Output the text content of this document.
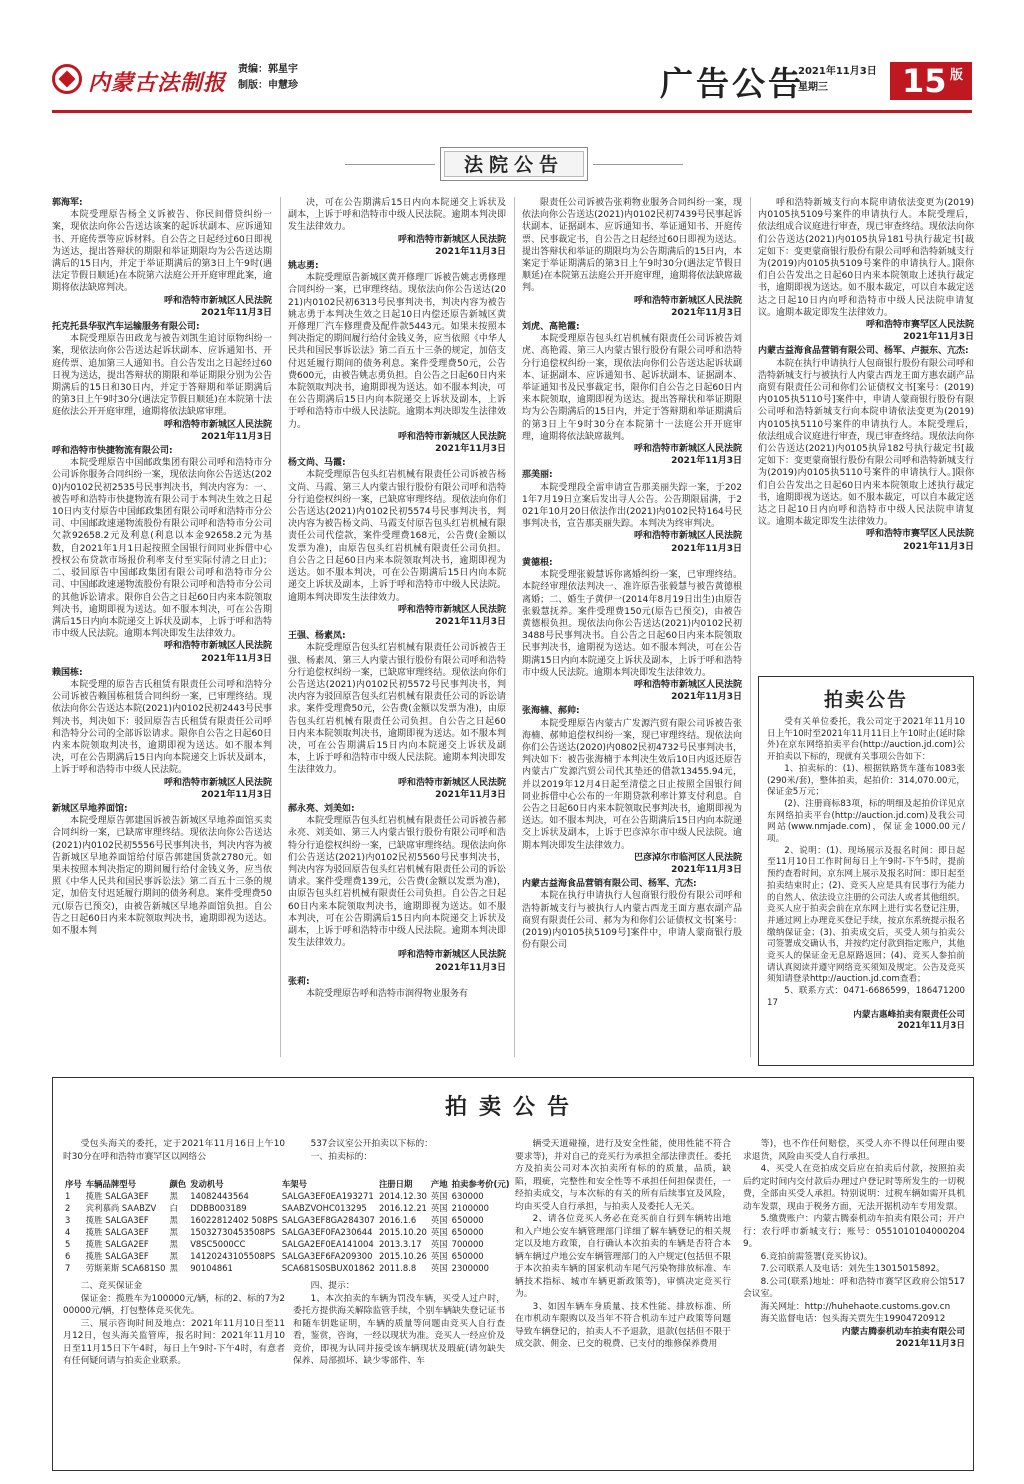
内蒙古法制报
责编：郭星宇
制版：申慧珍	广告公告
2021年11月3日
星期三	15 版
法院公告

郭海军:

本院受理原告杨全义诉被告、你民间借贷纠纷一案，现依法向你公告送达该案的起诉状副本、应诉通知书、开庭传票等应诉材料。自公告之日起经过60日即视为送达，提出答辩状的期限和举证期限均为公告送达期满后的15日内，并定于举证期满后的第3日上午9时(遇法定节假日顺延)在本院第六法庭公开开庭审理此案，逾期将依法缺席判决。

呼和浩特市新城区人民法院

2021年11月3日

托克托县华驭汽车运输服务有限公司:

本院受理原告田政龙与被告刘凯生追讨原物纠纷一案，现依法向你公告送达起诉状副本、应诉通知书、开庭传票、追加第三人通知书。自公告发出之日起经过60日视为送达，提出答辩状的期限和举证期限分别为公告期满后的15日和30日内，并定于答辩期和举证期满后的第3日上午9时30分(遇法定节假日顺延)在本院第十法庭依法公开开庭审理，逾期将依法缺席审理。

呼和浩特市新城区人民法院

2021年11月3日

呼和浩特市快捷物流有限公司:

本院受理原告中国邮政集团有限公司呼和浩特市分公司诉你服务合同纠纷一案，现依法向你公告送达(2020)内0102民初2535号民事判决书，判决内容为：一、被告呼和浩特市快捷物流有限公司于本判决生效之日起10日内支付原告中国邮政集团有限公司呼和浩特市分公司、中国邮政速递物流股份有限公司呼和浩特市分公司欠款92658.2元及利息(利息以本金92658.2元为基数，自2021年1月1日起按照全国银行间同业拆借中心授权公布贷款市场报价利率支付至实际付清之日止)；二、驳回原告中国邮政集团有限公司呼和浩特市分公司、中国邮政速递物流股份有限公司呼和浩特市分公司的其他诉讼请求。限你自公告之日起60日内来本院领取判决书，逾期即视为送达。如不服本判决，可在公告期满后15日内向本院递交上诉状及副本，上诉于呼和浩特市中级人民法院。逾期本判决即发生法律效力。

呼和浩特市新城区人民法院

2021年11月3日

赖国栋:

本院受理的原告吉氏租赁有限责任公司呼和浩特分公司诉被告赖国栋租赁合同纠纷一案，已审理终结。现依法向你公告送达本院(2021)内0102民初2443号民事判决书，判决如下：驳回原告吉氏租赁有限责任公司呼和浩特分公司的全部诉讼请求。限你自公告之日起60日内来本院领取判决书，逾期即视为送达。如不服本判决，可在公告期满后15日内向本院递交上诉状及副本，上诉于呼和浩特市中级人民法院。

呼和浩特市新城区人民法院

2021年11月3日

新城区早地养面馆:

本院受理原告郭建国诉被告新城区早地养面馆买卖合同纠纷一案，已缺席审理终结。现依法向你公告送达(2021)内0102民初5556号民事判决书，判决内容为被告新城区早地养面馆给付原告郭建国货款2780元。如果未按照本判决指定的期间履行给付金钱义务，应当依照《中华人民共和国民事诉讼法》第二百五十三条的规定，加倍支付迟延履行期间的债务利息。案件受理费50元(原告已预交)，由被告新城区早地养面馆负担。自公告之日起60日内来本院领取判决书，逾期即视为送达。如不服本判

决，可在公告期满后15日内向本院递交上诉状及副本，上诉于呼和浩特市中级人民法院。逾期本判决即发生法律效力。

呼和浩特市新城区人民法院

2021年11月3日

姚志勇:

本院受理原告新城区黄开修理厂诉被告姚志勇修理合同纠纷一案，已审理终结。现依法向你公告送达(2021)内0102民初6313号民事判决书，判决内容为被告姚志勇于本判决生效之日起10日内偿还原告新城区黄开修理厂汽车修理费及配件款5443元。如果未按照本判决指定的期间履行给付金钱义务，应当依照《中华人民共和国民事诉讼法》第二百五十三条的规定，加倍支付迟延履行期间的债务利息。案件受理费50元，公告费600元，由被告姚志勇负担。自公告之日起60日内来本院领取判决书，逾期即视为送达。如不服本判决，可在公告期满后15日内向本院递交上诉状及副本，上诉于呼和浩特市中级人民法院。逾期本判决即发生法律效力。

呼和浩特市新城区人民法院

2021年11月3日

杨文尚、马霞:

本院受理原告包头红岩机械有限责任公司诉被告杨文尚、马霞、第三人内蒙古银行股份有限公司呼和浩特分行追偿权纠纷一案，已缺席审理终结。现依法向你们公告送达(2021)内0102民初5574号民事判决书，判决内容为被告杨文尚、马霞支付原告包头红岩机械有限责任公司代偿款，案件受理费168元，公告费(金额以发票为准)，由原告包头红岩机械有限责任公司负担。自公告之日起60日内来本院领取判决书，逾期即视为送达。如不服本判决，可在公告期满后15日内向本院递交上诉状及副本，上诉于呼和浩特市中级人民法院。逾期本判决即发生法律效力。

呼和浩特市新城区人民法院

2021年11月3日

王强、杨素凤:

本院受理原告包头红岩机械有限责任公司诉被告王强、杨素凤、第三人内蒙古银行股份有限公司呼和浩特分行追偿权纠纷一案，已缺席审理终结。现依法向你们公告送达(2021)内0102民初5572号民事判决书，判决内容为驳回原告包头红岩机械有限责任公司的诉讼请求。案件受理费50元，公告费(金额以发票为准)，由原告包头红岩机械有限责任公司负担。自公告之日起60日内来本院领取判决书，逾期即视为送达。如不服本判决，可在公告期满后15日内向本院递交上诉状及副本，上诉于呼和浩特市中级人民法院。逾期本判决即发生法律效力。

呼和浩特市新城区人民法院

2021年11月3日

郝永亮、刘美如:

本院受理原告包头红岩机械有限责任公司诉被告郝永亮、刘美如、第三人内蒙古银行股份有限公司呼和浩特分行追偿权纠纷一案，已缺席审理终结。现依法向你们公告送达(2021)内0102民初5560号民事判决书，判决内容为驳回原告包头红岩机械有限责任公司的诉讼请求。案件受理费139元，公告费(金额以发票为准)，由原告包头红岩机械有限责任公司负担。自公告之日起60日内来本院领取判决书，逾期即视为送达。如不服本判决，可在公告期满后15日内向本院递交上诉状及副本，上诉于呼和浩特市中级人民法院。逾期本判决即发生法律效力。

呼和浩特市新城区人民法院

2021年11月3日

张莉:

本院受理原告呼和浩特市润得物业服务有

限责任公司诉被告张莉物业服务合同纠纷一案，现依法向你公告送达(2021)内0102民初7439号民事起诉状副本、证据副本、应诉通知书、举证通知书、开庭传票、民事裁定书，自公告之日起经过60日即视为送达。提出答辩状和举证的期限均为公告期满后的15日内，本案定于举证期满后的第3日上午9时30分(遇法定节假日顺延)在本院第五法庭公开开庭审理，逾期将依法缺席裁判。

呼和浩特市新城区人民法院

2021年11月3日

刘虎、高艳霞:

本院受理原告包头红岩机械有限责任公司诉被告刘虎、高艳霞、第三人内蒙古银行股份有限公司呼和浩特分行追偿权纠纷一案，现依法向你们公告送达起诉状副本、证据副本、应诉通知书、起诉状副本、证据副本、举证通知书及民事裁定书，限你们自公告之日起60日内来本院领取，逾期即视为送达。提出答辩状和举证期限均为公告期满后的15日内，并定于答辩期和举证期满后的第3日上午9时30分在本院第十一法庭公开开庭审理，逾期将依法缺席裁判。

呼和浩特市新城区人民法院

2021年11月3日

那美丽:

本院受理段全雷申请宣告那美丽失踪一案，于2021年7月19日立案后发出寻人公告。公告期限届满，于2021年10月20日依法作出(2021)内0102民特164号民事判决书，宣告那美丽失踪。本判决为终审判决。

呼和浩特市新城区人民法院

2021年11月3日

黄德根:

本院受理张毅慧诉你离婚纠纷一案，已审理终结。本院经审理依法判决一、准许原告张毅慧与被告黄德根离婚；二、婚生子黄伊一(2014年8月19日出生)由原告张毅慧抚养。案件受理费150元(原告已预交)，由被告黄德根负担。现依法向你公告送达(2021)内0102民初3488号民事判决书。自公告之日起60日内来本院领取民事判决书，逾期视为送达。如不服本判决，可在公告期满15日内向本院递交上诉状及副本，上诉于呼和浩特市中级人民法院。逾期本判决即发生法律效力。

呼和浩特市新城区人民法院

2021年11月3日

张海楠、郝帅:

本院受理原告内蒙古广发源汽贸有限公司诉被告张海楠、郝帅追偿权纠纷一案，现已审理终结。现依法向你们公告送达(2020)内0802民初4732号民事判决书，判决如下：被告张海楠于本判决生效后10日内返还原告内蒙古广发源汽贸公司代其垫还的借款13455.94元，并以2019年12月4日起至清偿之日止按照全国银行间同业拆借中心公布的一年期贷款利率计算支付利息。自公告之日起60日内来本院领取民事判决书，逾期即视为送达。如不服本判决，可在公告期满后15日内向本院递交上诉状及副本，上诉于巴彦淖尔市中级人民法院。逾期本判决即发生法律效力。

巴彦淖尔市临河区人民法院

2021年11月3日

内蒙古益海食品营销有限公司、杨军、亢杰:

本院在执行申请执行人包商银行股份有限公司呼和浩特新城支行与被执行人内蒙古西龙王面方惠农副产品商贸有限责任公司、郝为为和你们公证债权文书[案号：(2019)内0105执5109号]案件中，申请人蒙商银行股份有限公司

呼和浩特新城支行向本院申请依法变更为(2019)内0105执5109号案件的申请执行人。本院受理后，依法组成合议庭进行审查，现已审查终结。现依法向你们公告送达(2021)内0105执异181号执行裁定书[裁定如下：变更蒙商银行股份有限公司呼和浩特新城支行为(2019)内0105执5109号案件的申请执行人。]限你们自公告发出之日起60日内来本院领取上述执行裁定书，逾期即视为送达。如不服本裁定，可以自本裁定送达之日起10日内向呼和浩特市中级人民法院申请复议。逾期本裁定即发生法律效力。

呼和浩特市赛罕区人民法院

2021年11月3日

内蒙古益海食品营销有限公司、杨军、卢振东、亢杰:

本院在执行申请执行人包商银行股份有限公司呼和浩特新城支行与被执行人内蒙古西龙王面方惠农副产品商贸有限责任公司和你们公证债权文书[案号：(2019)内0105执5110号]案件中，申请人蒙商银行股份有限公司呼和浩特新城支行向本院申请依法变更为(2019)内0105执5110号案件的申请执行人。本院受理后，依法组成合议庭进行审查，现已审查终结。现依法向你们公告送达(2021)内0105执异182号执行裁定书[裁定如下：变更蒙商银行股份有限公司呼和浩特新城支行为(2019)内0105执5110号案件的申请执行人。]限你们自公告发出之日起60日内来本院领取上述执行裁定书，逾期即视为送达。如不服本裁定，可以自本裁定送达之日起10日内向呼和浩特市中级人民法院申请复议。逾期本裁定即发生法律效力。

呼和浩特市赛罕区人民法院

2021年11月3日

拍卖公告

受有关单位委托，我公司定于2021年11月10日上午10时至2021年11月11日上午10时止(延时除外)在京东网络拍卖平台(http://auction.jd.com)公开拍卖以下标的，现就有关事项公告如下：

1、拍卖标的：(1)、根据铁路货车蓬布1083张(290米/套)，整体拍卖，起拍价：314,070.00元，保证金5万元；

(2)、注册商标83项，标的明细及起拍价详见京东网络拍卖平台(http://auction.jd.com)及我公司网站(www.nmjade.com)，保证金1000.00元/项。

2、说明：(1)、现场展示及报名时间：即日起至11月10日工作时间每日上午9时-下午5时，提前预约查看时间，京东网上展示及报名时间：即日起至拍卖结束时止；(2)、竞买人应是具有民事行为能力的自然人、依法设立注册的公司法人或者其他组织。竞买人应于拍卖会前在京东网上进行实名登记注册，并通过网上办理竞买登记手续，按京东系统提示报名缴纳保证金；(3)、拍卖成交后，买受人须与拍卖公司签署成交确认书，并按约定付款到指定账户，其他竞买人的保证金无息原路返回；(4)、竞买人参拍前请认真阅读并遵守网络竞买须知及规定。公告及竞买须知请登录http://auction.jd.com查看；

5、联系方式：0471-6686599，18647120017

内蒙古惠峰拍卖有限责任公司

2021年11月3日

拍卖公告

受包头海关的委托，定于2021年11月16日上午10时30分在呼和浩特市赛罕区以网络公

序号	车辆品牌型号	颜色	发动机号	车架号	注册日期	产地	拍卖参考价(元)
1	揽胜 SALGA3EF	黑	14082443564	SALGA3EF0EA193271	2014.12.30	英国	630000
2	宾利慕尚 SAABZV	白	DDBB003189	SAABZVOHC013295	2016.12.21	英国	2100000
3	揽胜 SALGA3EF	黑	16022812402 508PS	SALGA3EF8GA284307	2016.1.6	英国	650000
4	揽胜 SALGA3EF	黑	15032730453508PS	SALGA3EF0FA230644	2015.10.20	英国	650000
5	揽胜 SALGA2EF	黑	V8SC5000CC	SALGA2EF0EA141004	2013.3.17	英国	700000
6	揽胜 SALGA3EF	黑	14120243105508PS	SALGA3EF6FA209300	2015.10.26	英国	650000
7	劳斯莱斯 SCA681S0	黑	90104861	SCA681S0SBUX01862	2011.8.8	英国	2300000

二、竞买保证金

保证金：揽胜车为100000元/辆，标的2、标的7为200000元/辆，打包整体竞买优先。

三、展示咨询时间及地点：2021年11月10日至11月12日，包头海关监管库，报名时间：2021年11月10日至11月15日下午4时，每日上午9时-下午4时，有意者有任何疑问请与拍卖企业联系。

537会议室公开拍卖以下标的：

一、拍卖标的：

四、提示：

1、本次拍卖的车辆为罚没车辆，买受人过户时，委托方提供海关解除监管手续，个别车辆缺失登记证书和随车钥匙证明，车辆的质量等问题由竞买人自行查看，鉴赏，咨询，一经以现状为准。竞买人一经应价及竞价，即视为认同并接受该车辆现状及瑕疵(请勿缺失保养、局部损坏、缺少零部件、车

辆受天道碰撞，进行及安全性能，使用性能不符合要求等)，并对自己的竞买行为承担全部法律责任。委托方及拍卖公司对本次拍卖所有标的的质量，品质，缺陷，瑕疵，完整性和安全性等不承担任何担保责任，一经拍卖成交，与本次标的有关的所有后续事宜及风险，均由买受人自行承担，与拍卖人及委托人无关。

2、请各位竞买人务必在竞买前自行到车辆转出地和入户地公安车辆管理部门详细了解车辆登记的相关规定以及地方政策，自行确认本次拍卖的车辆是否符合本辆车辆过户地公安车辆管理部门的入户规定(包括但不限于本次拍卖车辆的国家机动车尾气污染物排放标准、车辆技术指标、城市车辆更新政策等)，审慎决定竞买行为。

3、如因车辆车身质量、技术性能、排放标准、所在市机动车限购以及当年不符合机动车过户政策等问题导致车辆登记的，拍卖人不予退款，退款(包括但不限于成交款、佣金、已交的税费、已支付的维修保养费用

等)，也不作任何赔偿，买受人亦不得以任何理由要求退货，风险由买受人自行承担。

4、买受人在竞拍成交后应在拍卖后付款，按照拍卖后约定时间内交付款后办理过户登记时等所发生的一切税费，全部由买受人承担。特别说明：过税车辆如需开具机动车发票，现由于税务方面，无法开据机动车专用发票。

5.缴费账户：内蒙古腾泰机动车拍卖有限公司；开户行：农行呼市新城支行；账号：05510101040002049。

6.竞拍前需签署(竞买协议)。

7.公司联系人及电话：刘先生13015015892。

8.公司(联系)地址：呼和浩特市赛罕区政府公馆517会议室。

海关网址：http://huhehaote.customs.gov.cn

海关监督电话：包头海关贾先生19904720912

内蒙古腾泰机动车拍卖有限公司

2021年11月3日
